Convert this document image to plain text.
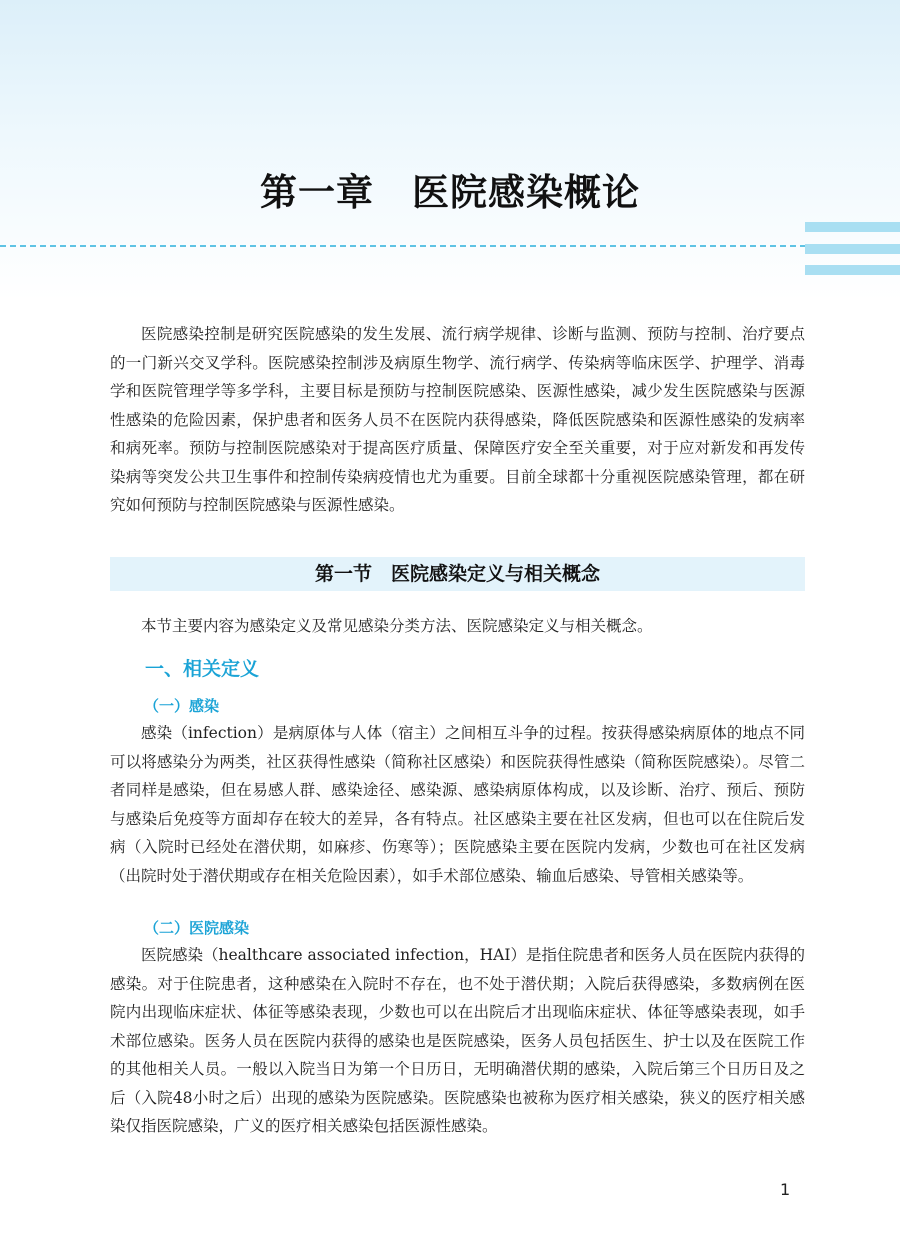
第一章　医院感染概论

医院感染控制是研究医院感染的发生发展、流行病学规律、诊断与监测、预防与控制、治疗要点的一门新兴交叉学科。医院感染控制涉及病原生物学、流行病学、传染病等临床医学、护理学、消毒学和医院管理学等多学科，主要目标是预防与控制医院感染、医源性感染，减少发生医院感染与医源性感染的危险因素，保护患者和医务人员不在医院内获得感染，降低医院感染和医源性感染的发病率和病死率。预防与控制医院感染对于提高医疗质量、保障医疗安全至关重要，对于应对新发和再发传染病等突发公共卫生事件和控制传染病疫情也尤为重要。目前全球都十分重视医院感染管理，都在研究如何预防与控制医院感染与医源性感染。

第一节　医院感染定义与相关概念

本节主要内容为感染定义及常见感染分类方法、医院感染定义与相关概念。

一、相关定义
（一）感染

感染（infection）是病原体与人体（宿主）之间相互斗争的过程。按获得感染病原体的地点不同可以将感染分为两类，社区获得性感染（简称社区感染）和医院获得性感染（简称医院感染）。尽管二者同样是感染，但在易感人群、感染途径、感染源、感染病原体构成，以及诊断、治疗、预后、预防与感染后免疫等方面却存在较大的差异，各有特点。社区感染主要在社区发病，但也可以在住院后发病（入院时已经处在潜伏期，如麻疹、伤寒等）；医院感染主要在医院内发病，少数也可在社区发病（出院时处于潜伏期或存在相关危险因素），如手术部位感染、输血后感染、导管相关感染等。

（二）医院感染

医院感染（healthcare associated infection，HAI）是指住院患者和医务人员在医院内获得的感染。对于住院患者，这种感染在入院时不存在，也不处于潜伏期；入院后获得感染，多数病例在医院内出现临床症状、体征等感染表现，少数也可以在出院后才出现临床症状、体征等感染表现，如手术部位感染。医务人员在医院内获得的感染也是医院感染，医务人员包括医生、护士以及在医院工作的其他相关人员。一般以入院当日为第一个日历日，无明确潜伏期的感染，入院后第三个日历日及之后（入院48小时之后）出现的感染为医院感染。医院感染也被称为医疗相关感染，狭义的医疗相关感染仅指医院感染，广义的医疗相关感染包括医源性感染。

1
